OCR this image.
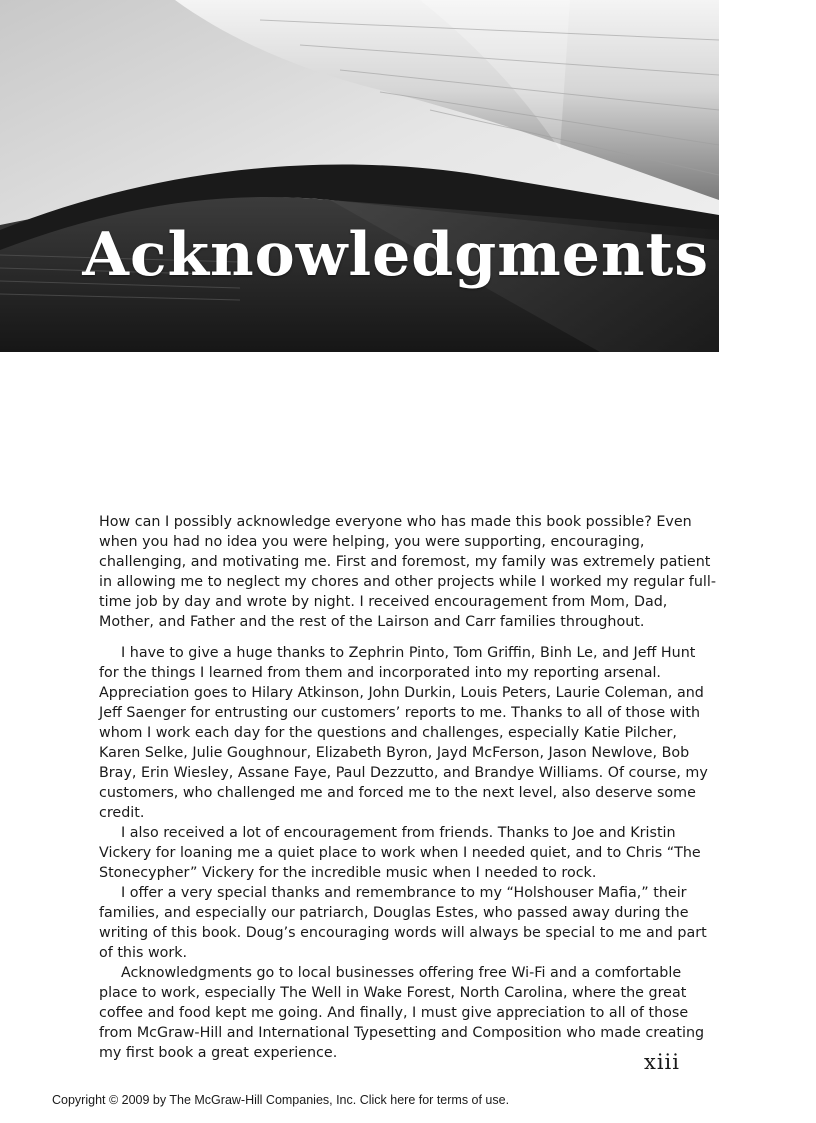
Acknowledgments

How can I possibly acknowledge everyone who has made this book possible? Even when you had no idea you were helping, you were supporting, encouraging, challenging, and motivating me. First and foremost, my family was extremely patient in allowing me to neglect my chores and other projects while I worked my regular full-time job by day and wrote by night. I received encouragement from Mom, Dad, Mother, and Father and the rest of the Lairson and Carr families throughout.

I have to give a huge thanks to Zephrin Pinto, Tom Griffin, Binh Le, and Jeff Hunt for the things I learned from them and incorporated into my reporting arsenal. Appreciation goes to Hilary Atkinson, John Durkin, Louis Peters, Laurie Coleman, and Jeff Saenger for entrusting our customers’ reports to me. Thanks to all of those with whom I work each day for the questions and challenges, especially Katie Pilcher, Karen Selke, Julie Goughnour, Elizabeth Byron, Jayd McFerson, Jason Newlove, Bob Bray, Erin Wiesley, Assane Faye, Paul Dezzutto, and Brandye Williams. Of course, my customers, who challenged me and forced me to the next level, also deserve some credit.

I also received a lot of encouragement from friends. Thanks to Joe and Kristin Vickery for loaning me a quiet place to work when I needed quiet, and to Chris “The Stonecypher” Vickery for the incredible music when I needed to rock.

I offer a very special thanks and remembrance to my “Holshouser Mafia,” their families, and especially our patriarch, Douglas Estes, who passed away during the writing of this book. Doug’s encouraging words will always be special to me and part of this work.

Acknowledgments go to local businesses offering free Wi-Fi and a comfortable place to work, especially The Well in Wake Forest, North Carolina, where the great coffee and food kept me going. And finally, I must give appreciation to all of those from McGraw-Hill and International Typesetting and Composition who made creating my first book a great experience.	xiii
Copyright © 2009 by The McGraw-Hill Companies, Inc. Click here for terms of use.
